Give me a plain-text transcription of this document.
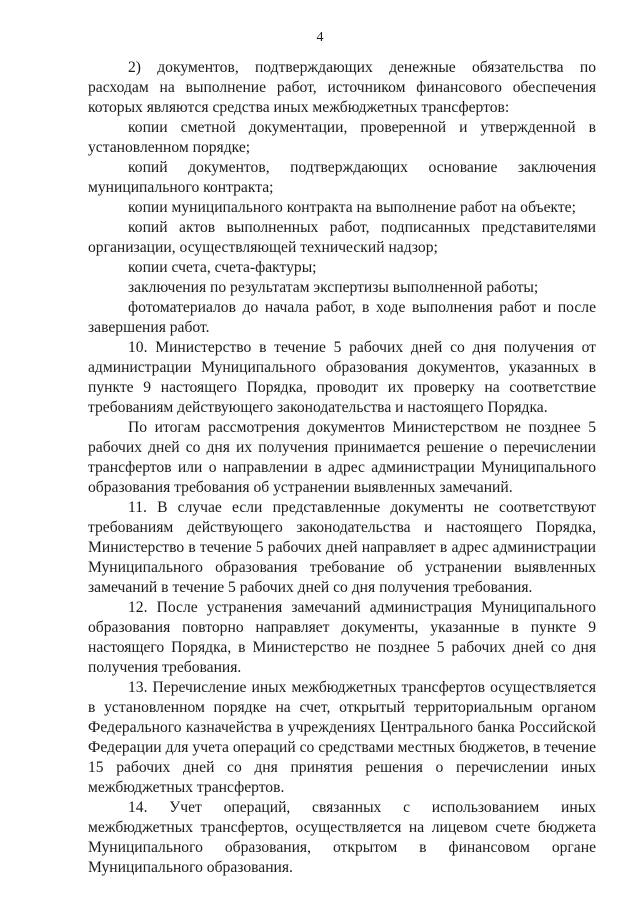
4

2) документов, подтверждающих денежные обязательства по расходам на выполнение работ, источником финансового обеспечения которых являются средства иных межбюджетных трансфертов:

копии сметной документации, проверенной и утвержденной в установленном порядке;

копий документов, подтверждающих основание заключения муниципального контракта;

копии муниципального контракта на выполнение работ на объекте;

копий актов выполненных работ, подписанных представителями организации, осуществляющей технический надзор;

копии счета, счета-фактуры;

заключения по результатам экспертизы выполненной работы;

фотоматериалов до начала работ, в ходе выполнения работ и после завершения работ.

10. Министерство в течение 5 рабочих дней со дня получения от администрации Муниципального образования документов, указанных в пункте 9 настоящего Порядка, проводит их проверку на соответствие требованиям действующего законодательства и настоящего Порядка.

По итогам рассмотрения документов Министерством не позднее 5 рабочих дней со дня их получения принимается решение о перечислении трансфертов или о направлении в адрес администрации Муниципального образования требования об устранении выявленных замечаний.

11. В случае если представленные документы не соответствуют требованиям действующего законодательства и настоящего Порядка, Министерство в течение 5 рабочих дней направляет в адрес администрации Муниципального образования требование об устранении выявленных замечаний в течение 5 рабочих дней со дня получения требования.

12. После устранения замечаний администрация Муниципального образования повторно направляет документы, указанные в пункте 9 настоящего Порядка, в Министерство не позднее 5 рабочих дней со дня получения требования.

13. Перечисление иных межбюджетных трансфертов осуществляется в установленном порядке на счет, открытый территориальным органом Федерального казначейства в учреждениях Центрального банка Российской Федерации для учета операций со средствами местных бюджетов, в течение 15 рабочих дней со дня принятия решения о перечислении иных межбюджетных трансфертов.

14. Учет операций, связанных с использованием иных межбюджетных трансфертов, осуществляется на лицевом счете бюджета Муниципального образования, открытом в финансовом органе Муниципального образования.
